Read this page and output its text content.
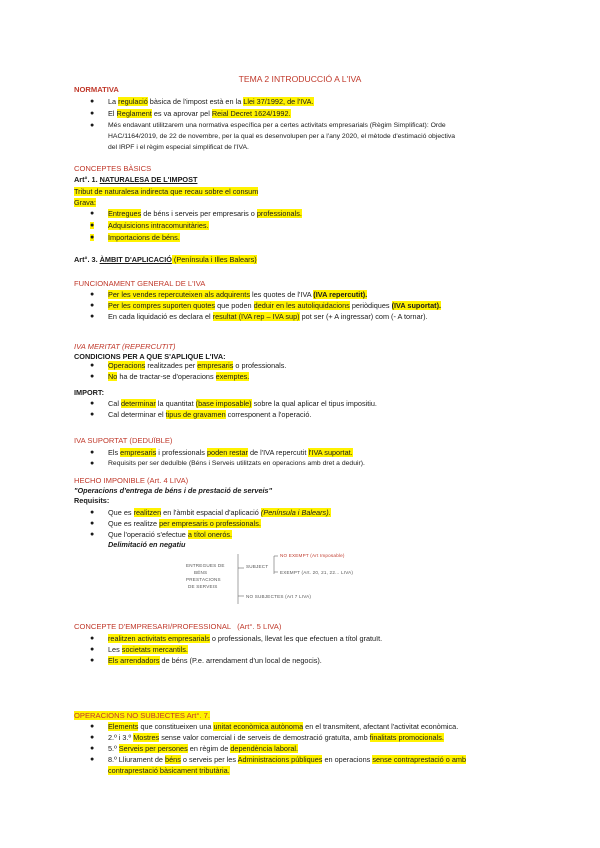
TEMA 2 INTRODUCCIÓ A L'IVA
NORMATIVA
● La regulació bàsica de l'impost està en la Llei 37/1992, de l'IVA.
● El Reglament es va aprovar pel Reial Decret 1624/1992.
● Més endavant utilitzarem una normativa específica per a certes activitats empresarials (Règim Simplificat): Orde
HAC/1164/2019, de 22 de novembre, per la qual es desenvolupen per a l'any 2020, el mètode d'estimació objectiva
del IRPF i el règim especial simplificat de l'IVA.
CONCEPTES BÀSICS
Art°. 1. NATURALESA DE L'IMPOST
Tribut de naturalesa indirecta que recau sobre el consum
Grava:
● Entregues de béns i serveis per empresaris o professionals.
● Adquisicions intracomunitàries.
● Importacions de béns.
Art°. 3. ÀMBIT D'APLICACIÓ (Península i Illes Balears)
FUNCIONAMENT GENERAL DE L'IVA
● Per les vendes repercuteixen als adquirents les quotes de l'IVA (IVA repercutit).
● Per les compres suporten quotes que poden deduir en les autoliquidacions periòdiques (IVA suportat).
● En cada liquidació es declara el resultat (IVA rep – IVA sup) pot ser (+ A ingressar) com (- A tornar).
IVA MERITAT (REPERCUTIT)
CONDICIONS PER A QUE S'APLIQUE L'IVA:
● Operacions realitzades per empresaris o professionals.
● No ha de tractar-se d'operacions exemptes.
IMPORT:
● Cal determinar la quantitat (base imposable) sobre la qual aplicar el tipus impositiu.
● Cal determinar el tipus de gravamen corresponent a l'operació.
IVA SUPORTAT (DEDUÏBLE)
● Els empresaris i professionals poden restar de l'IVA repercutit l'IVA suportat.
● Requisits per ser deduïble (Béns i Serveis utilitzats en operacions amb dret a deduir).
HECHO IMPONIBLE (Art. 4 LIVA)
"Operacions d'entrega de béns i de prestació de serveis"
Requisits:
● Que es realitzen en l'àmbit espacial d'aplicació (Península i Balears).
● Que es realitze per empresaris o professionals.
● Que l'operació s'efectue a títol onerós.
Delimitació en negatiu
ENTREGUES DE
BÉNS
PRESTACIONS
DE SERVEIS
SUBJECT
NO EXEMPT (Art Imposable)
EXEMPT (Art. 20, 21, 22... LIVA)
NO SUBJECTES (Art 7 LIVA)
CONCEPTE D'EMPRESARI/PROFESSIONAL (Art°. 5 LIVA)
● realitzen activitats empresarials o professionals, llevat les que efectuen a títol gratuït.
● Les societats mercantils.
● Els arrendadors de béns (P.e. arrendament d'un local de negocis).
OPERACIONS NO SUBJECTES Art°. 7.
● Elements que constitueixen una unitat econòmica autònoma en el transmitent, afectant l'activitat econòmica.
● 2.º i 3.º Mostres sense valor comercial i de serveis de demostració gratuïta, amb finalitats promocionals.
● 5.º Serveis per persones en règim de dependència laboral.
● 8.º Lliurament de béns o serveis per les Administracions públiques en operacions sense contraprestació o amb
contraprestació bàsicament tributària.
